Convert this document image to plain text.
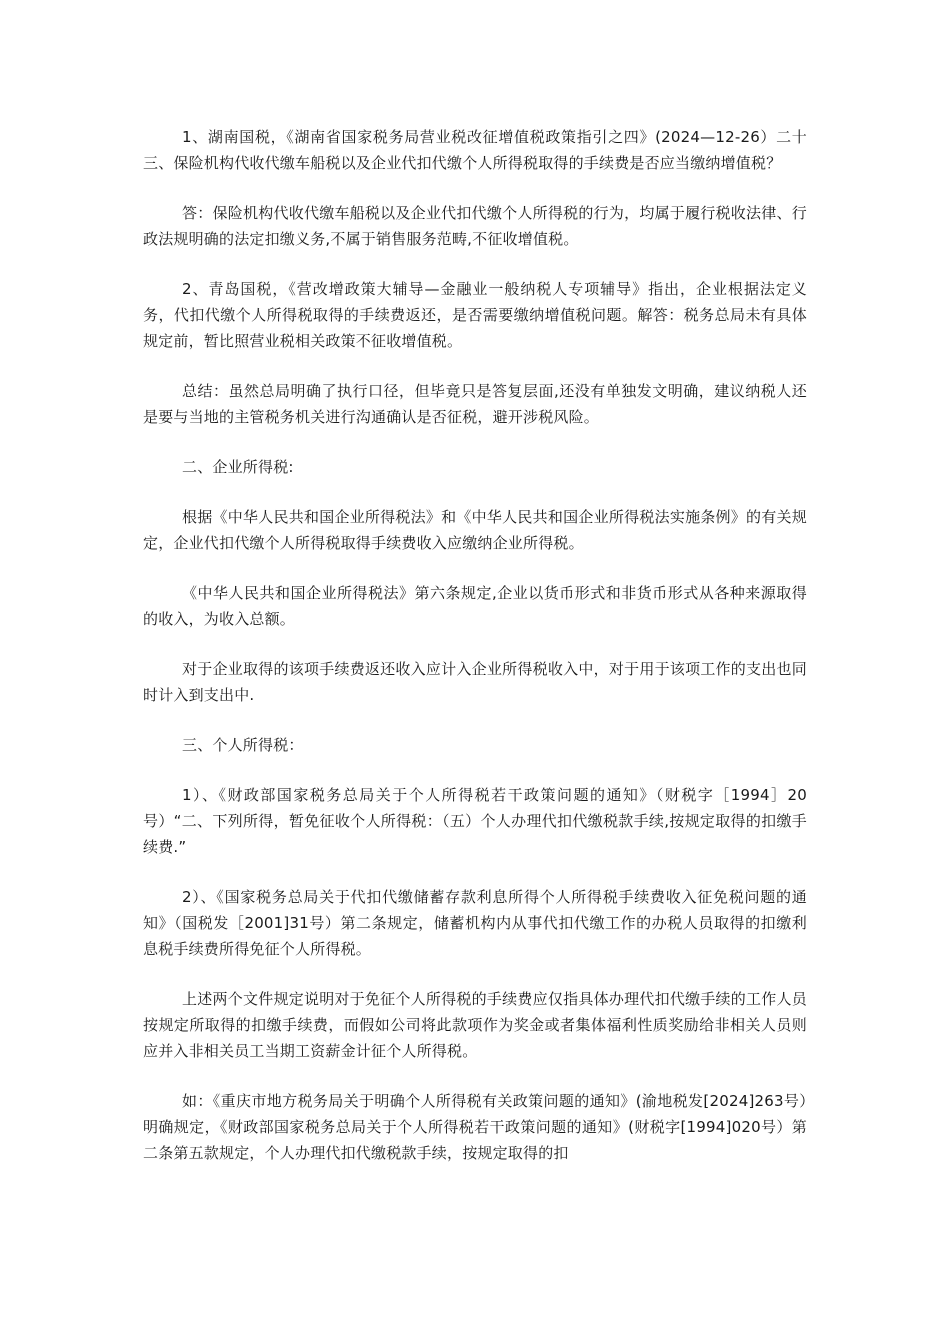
1、湖南国税，《湖南省国家税务局营业税改征增值税政策指引之四》(2024—12-26）二十三、保险机构代收代缴车船税以及企业代扣代缴个人所得税取得的手续费是否应当缴纳增值税？

答：保险机构代收代缴车船税以及企业代扣代缴个人所得税的行为，均属于履行税收法律、行政法规明确的法定扣缴义务,不属于销售服务范畴,不征收增值税。

2、青岛国税，《营改增政策大辅导—金融业一般纳税人专项辅导》指出，企业根据法定义务，代扣代缴个人所得税取得的手续费返还，是否需要缴纳增值税问题。解答：税务总局未有具体规定前，暂比照营业税相关政策不征收增值税。

总结：虽然总局明确了执行口径，但毕竟只是答复层面,还没有单独发文明确，建议纳税人还是要与当地的主管税务机关进行沟通确认是否征税，避开涉税风险。

二、企业所得税:

根据《中华人民共和国企业所得税法》和《中华人民共和国企业所得税法实施条例》的有关规定，企业代扣代缴个人所得税取得手续费收入应缴纳企业所得税。

《中华人民共和国企业所得税法》第六条规定,企业以货币形式和非货币形式从各种来源取得的收入，为收入总额。

对于企业取得的该项手续费返还收入应计入企业所得税收入中，对于用于该项工作的支出也同时计入到支出中.

三、个人所得税：

1）、《财政部国家税务总局关于个人所得税若干政策问题的通知》（财税字［1994］20号）“二、下列所得，暂免征收个人所得税：（五）个人办理代扣代缴税款手续,按规定取得的扣缴手续费.”

2）、《国家税务总局关于代扣代缴储蓄存款利息所得个人所得税手续费收入征免税问题的通知》（国税发［2001]31号）第二条规定，储蓄机构内从事代扣代缴工作的办税人员取得的扣缴利息税手续费所得免征个人所得税。

上述两个文件规定说明对于免征个人所得税的手续费应仅指具体办理代扣代缴手续的工作人员按规定所取得的扣缴手续费，而假如公司将此款项作为奖金或者集体福利性质奖励给非相关人员则应并入非相关员工当期工资薪金计征个人所得税。

如：《重庆市地方税务局关于明确个人所得税有关政策问题的通知》(渝地税发[2024]263号）明确规定，《财政部国家税务总局关于个人所得税若干政策问题的通知》(财税字[1994]020号）第二条第五款规定，个人办理代扣代缴税款手续，按规定取得的扣
